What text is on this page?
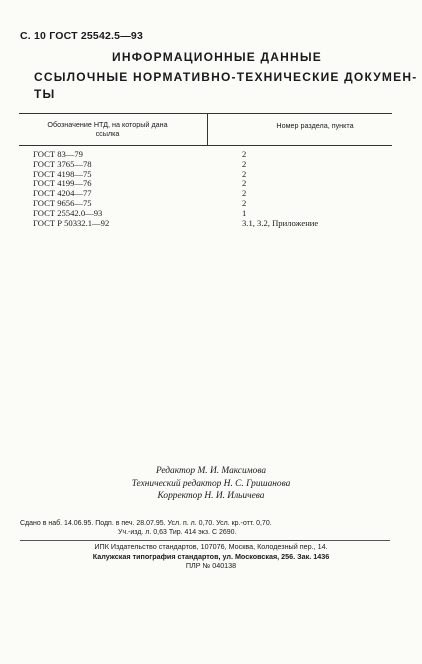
С. 10 ГОСТ 25542.5—93
ИНФОРМАЦИОННЫЕ ДАННЫЕ
ССЫЛОЧНЫЕ НОРМАТИВНО-ТЕХНИЧЕСКИЕ ДОКУМЕН-
ТЫ
Обозначение НТД, на который дана ссылка
Номер раздела, пункта
ГОСТ 83—79	2
ГОСТ 3765—78	2
ГОСТ 4198—75	2
ГОСТ 4199—76	2
ГОСТ 4204—77	2
ГОСТ 9656—75	2
ГОСТ 25542.0—93	1
ГОСТ Р 50332.1—92	3.1, 3.2, Приложение
Редактор М. И. Максимова
Технический редактор Н. С. Гришанова
Корректор Н. И. Ильичева
Сдано в наб. 14.06.95. Подп. в печ. 28.07.95. Усл. п. л. 0,70. Усл. кр.-отт. 0,70.
Уч.-изд. л. 0,63 Тир. 414 экз. С 2690.
ИПК Издательство стандартов, 107076, Москва, Колодезный пер., 14.
Калужская типография стандартов, ул. Московская, 256. Зак. 1436
ПЛР № 040138
